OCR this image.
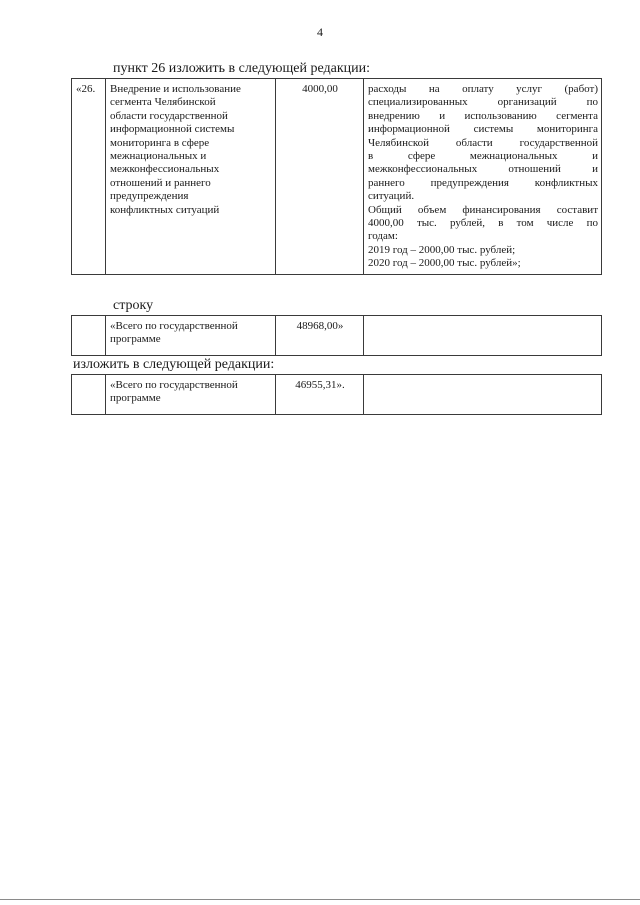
4
пункт 26 изложить в следующей редакции:
«26.	Внедрение и использование
сегмента Челябинской
области государственной
информационной системы
мониторинга в сфере
межнациональных и
межконфессиональных
отношений и раннего
предупреждения
конфликтных ситуаций
	4000,00	расходы на оплату услуг (работ)
специализированных организаций по
внедрению и использованию сегмента
информационной системы мониторинга
Челябинской области государственной
в сфере межнациональных и
межконфессиональных отношений и
раннего предупреждения конфликтных
ситуаций.
Общий объем финансирования составит
4000,00 тыс. рублей, в том числе по
годам:
2019 год – 2000,00 тыс. рублей;
2020 год – 2000,00 тыс. рублей»;
строку
	«Всего по государственной программе	48968,00»	
изложить в следующей редакции:
	«Всего по государственной программе	46955,31».	
